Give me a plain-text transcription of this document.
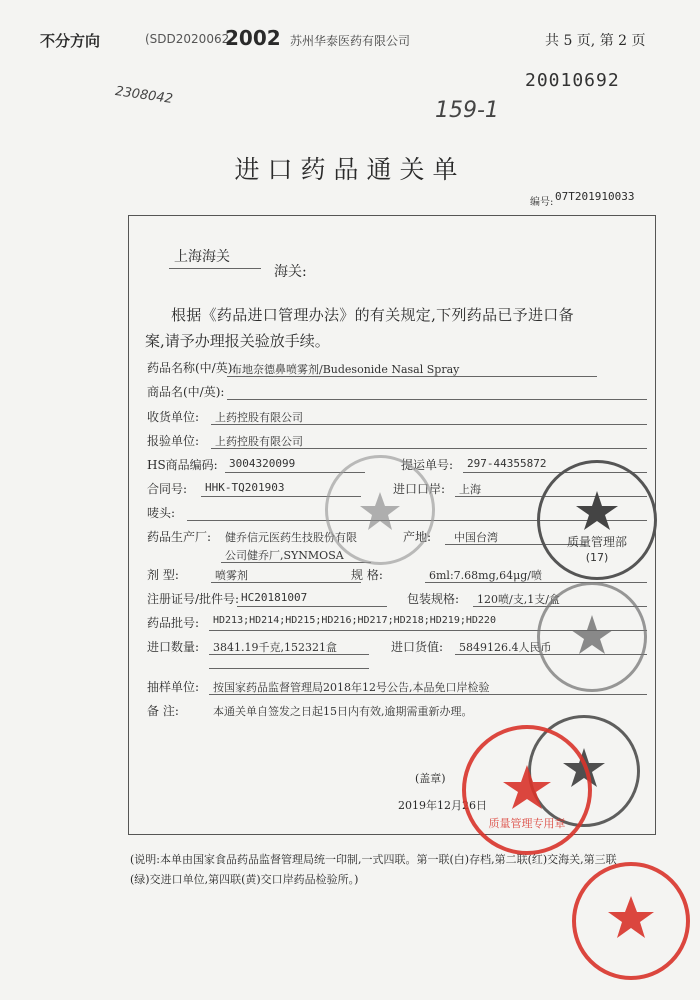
不分方向	(SDD2020062
2002 苏州华泰医药有限公司	共 5 页, 第 2 页
20010692
2308042
159-1
进口药品通关单
编号: 07T201910033
上海海关
海关:
根据《药品进口管理办法》的有关规定,下列药品已予进口备
案,请予办理报关验放手续。
药品名称(中/英):
布地奈德鼻喷雾剂/Budesonide Nasal Spray
商品名(中/英):
收货单位: 上药控股有限公司
报验单位: 上药控股有限公司
HS商品编码: 3004320099	提运单号: 297-44355872
合同号: HHK-TQ201903	进口口岸: 上海
唛头:
药品生产厂: 健乔信元医药生技股份有限
公司健乔厂,SYNMOSA
产地: 中国台湾
剂 型:	喷雾剂	规 格:	6ml:7.68mg,64μg/喷
注册证号/批件号: HC20181007	包装规格: 120喷/支,1支/盒
药品批号: HD213;HD214;HD215;HD216;HD217;HD218;HD219;HD220
进口数量: 3841.19千克,152321盒	进口货值: 5849126.4人民币
抽样单位: 按国家药品监督管理局2018年12号公告,本品免口岸检验
备 注:	本通关单自签发之日起15日内有效,逾期需重新办理。
(盖章)
2019年12月26日
(说明:本单由国家食品药品监督管理局统一印制,一式四联。第一联(白)存档,第二联(红)交海关,第三联(绿)交进口单位,第四联(黄)交口岸药品检验所。)
质量管理部
(17)
质量管理专用章
